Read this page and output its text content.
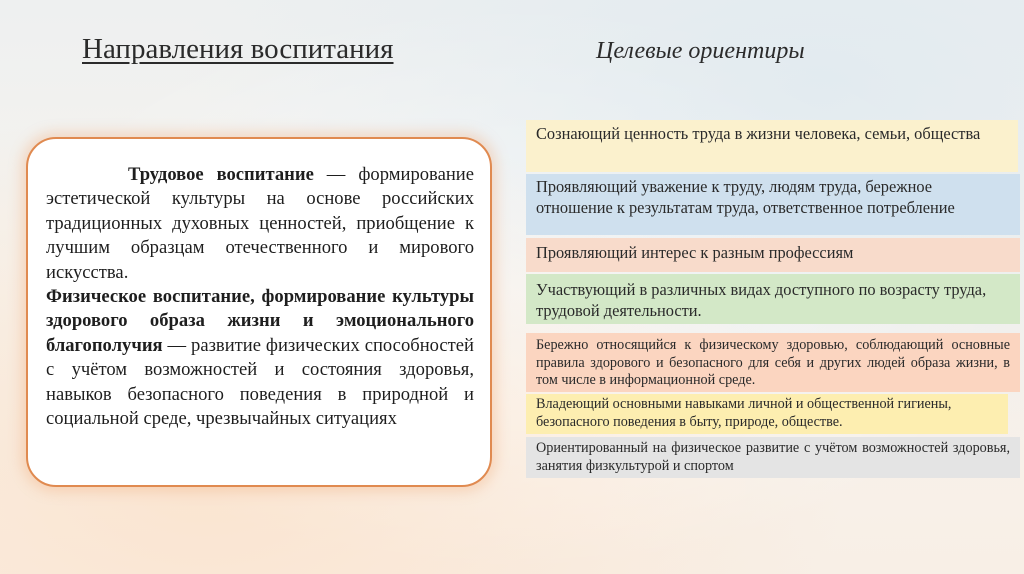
Направления воспитания	Целевые ориентиры

Трудовое воспитание — формирование эстетической культуры на основе российских традиционных духовных ценностей, приобщение к лучшим образцам отечественного и мирового искусства.

Физическое воспитание, формирование культуры здорового образа жизни и эмоционального благополучия — развитие физических способностей с учётом возможностей и состояния здоровья, навыков безопасного поведения в природной и социальной среде, чрезвычайных ситуациях

Сознающий ценность труда в жизни человека, семьи, общества
Проявляющий уважение к труду, людям труда, бережное отношение к результатам труда, ответственное потребление
Проявляющий интерес к разным профессиям
Участвующий в различных видах доступного по возрасту труда, трудовой деятельности.
Бережно относящийся к физическому здоровью, соблюдающий основные правила здорового и безопасного для себя и других людей образа жизни, в том числе в информационной среде.
Владеющий основными навыками личной и общественной гигиены, безопасного поведения в быту, природе, обществе.
Ориентированный на физическое развитие с учётом возможностей здоровья, занятия физкультурой и спортом
